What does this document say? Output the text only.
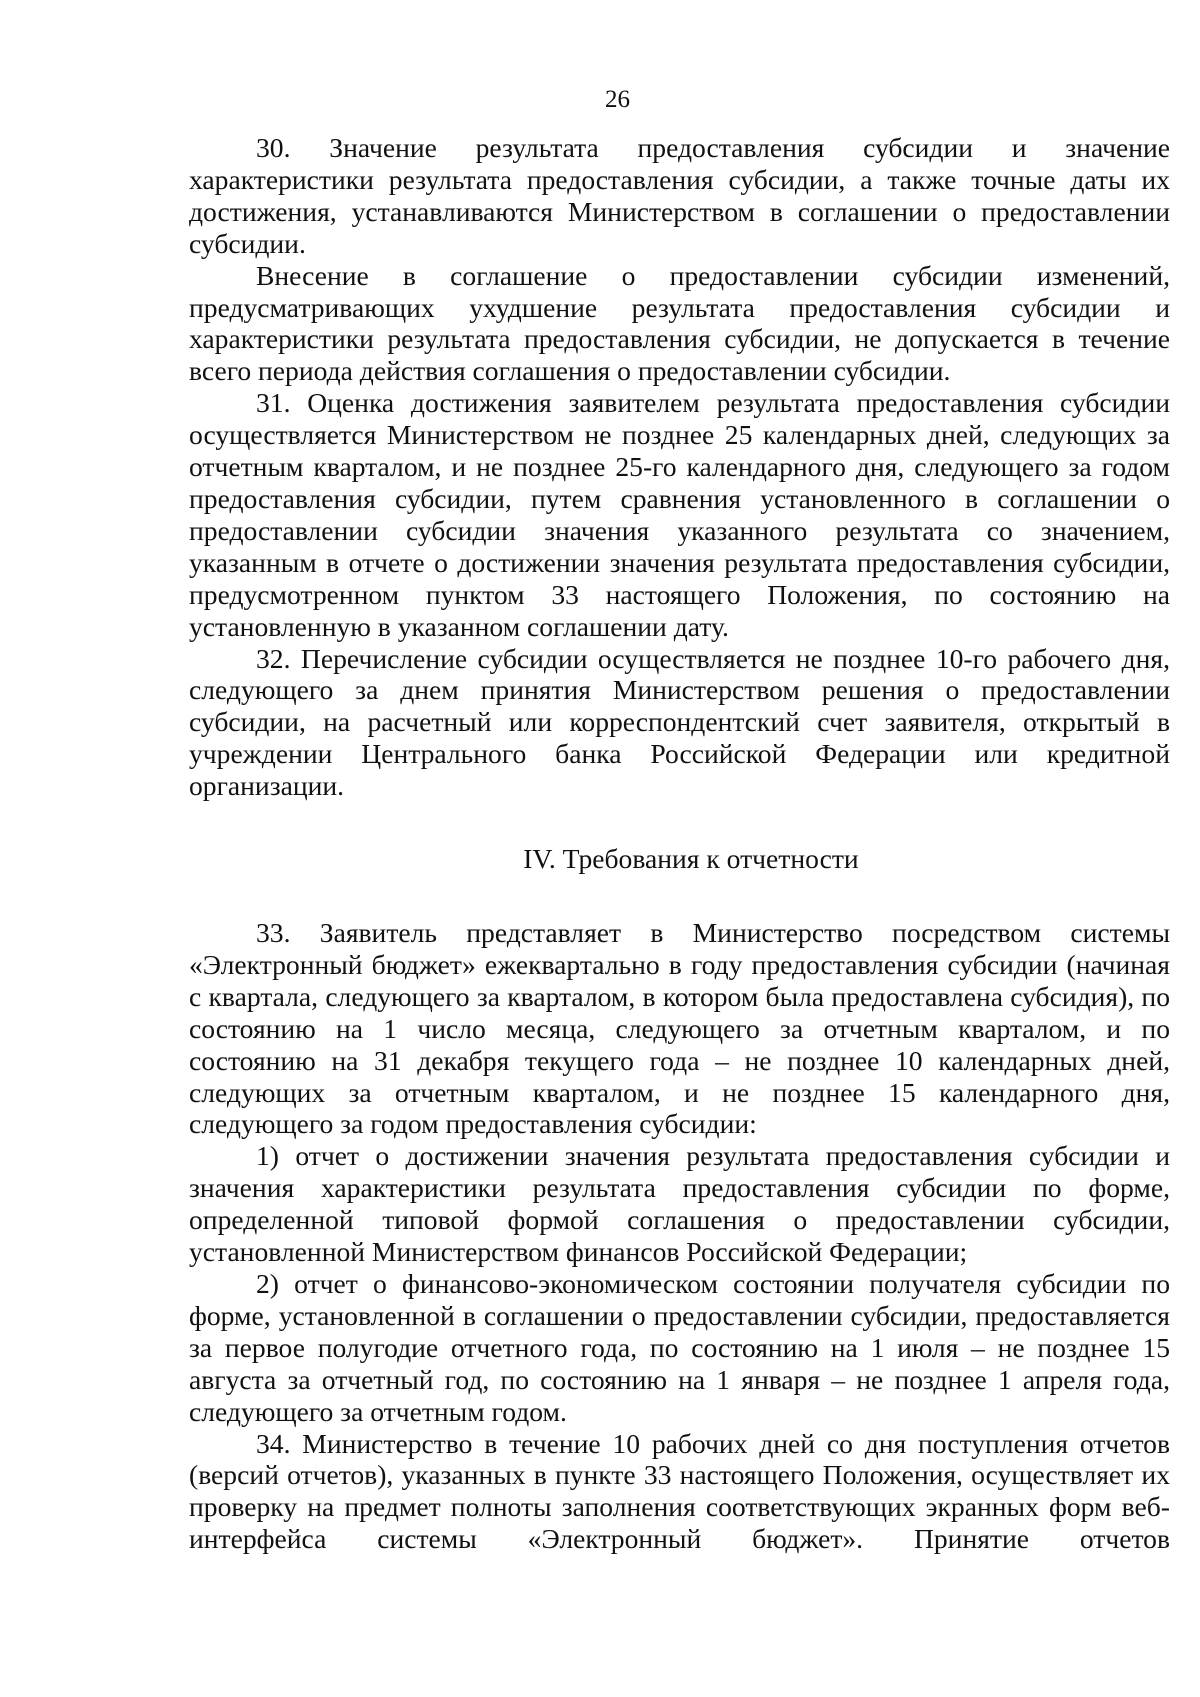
26

30. Значение результата предоставления субсидии и значение характеристики результата предоставления субсидии, а также точные даты их достижения, устанавливаются Министерством в соглашении о предоставлении субсидии.

Внесение в соглашение о предоставлении субсидии изменений, предусматривающих ухудшение результата предоставления субсидии и характеристики результата предоставления субсидии, не допускается в течение всего периода действия соглашения о предоставлении субсидии.

31. Оценка достижения заявителем результата предоставления субсидии осуществляется Министерством не позднее 25 календарных дней, следующих за отчетным кварталом, и не позднее 25-го календарного дня, следующего за годом предоставления субсидии, путем сравнения установленного в соглашении о предоставлении субсидии значения указанного результата со значением, указанным в отчете о достижении значения результата предоставления субсидии, предусмотренном пунктом 33 настоящего Положения, по состоянию на установленную в указанном соглашении дату.

32. Перечисление субсидии осуществляется не позднее 10-го рабочего дня, следующего за днем принятия Министерством решения о предоставлении субсидии, на расчетный или корреспондентский счет заявителя, открытый в учреждении Центрального банка Российской Федерации или кредитной организации.

IV. Требования к отчетности

33. Заявитель представляет в Министерство посредством системы «Электронный бюджет» ежеквартально в году предоставления субсидии (начиная с квартала, следующего за кварталом, в котором была предоставлена субсидия), по состоянию на 1 число месяца, следующего за отчетным кварталом, и по состоянию на 31 декабря текущего года – не позднее 10 календарных дней, следующих за отчетным кварталом, и не позднее 15 календарного дня, следующего за годом предоставления субсидии:

1) отчет о достижении значения результата предоставления субсидии и значения характеристики результата предоставления субсидии по форме, определенной типовой формой соглашения о предоставлении субсидии, установленной Министерством финансов Российской Федерации;

2) отчет о финансово-экономическом состоянии получателя субсидии по форме, установленной в соглашении о предоставлении субсидии, предоставляется за первое полугодие отчетного года, по состоянию на 1 июля – не позднее 15 августа за отчетный год, по состоянию на 1 января – не позднее 1 апреля года, следующего за отчетным годом.

34. Министерство в течение 10 рабочих дней со дня поступления отчетов (версий отчетов), указанных в пункте 33 настоящего Положения, осуществляет их проверку на предмет полноты заполнения соответствующих экранных форм веб-интерфейса системы «Электронный бюджет». Принятие отчетов
